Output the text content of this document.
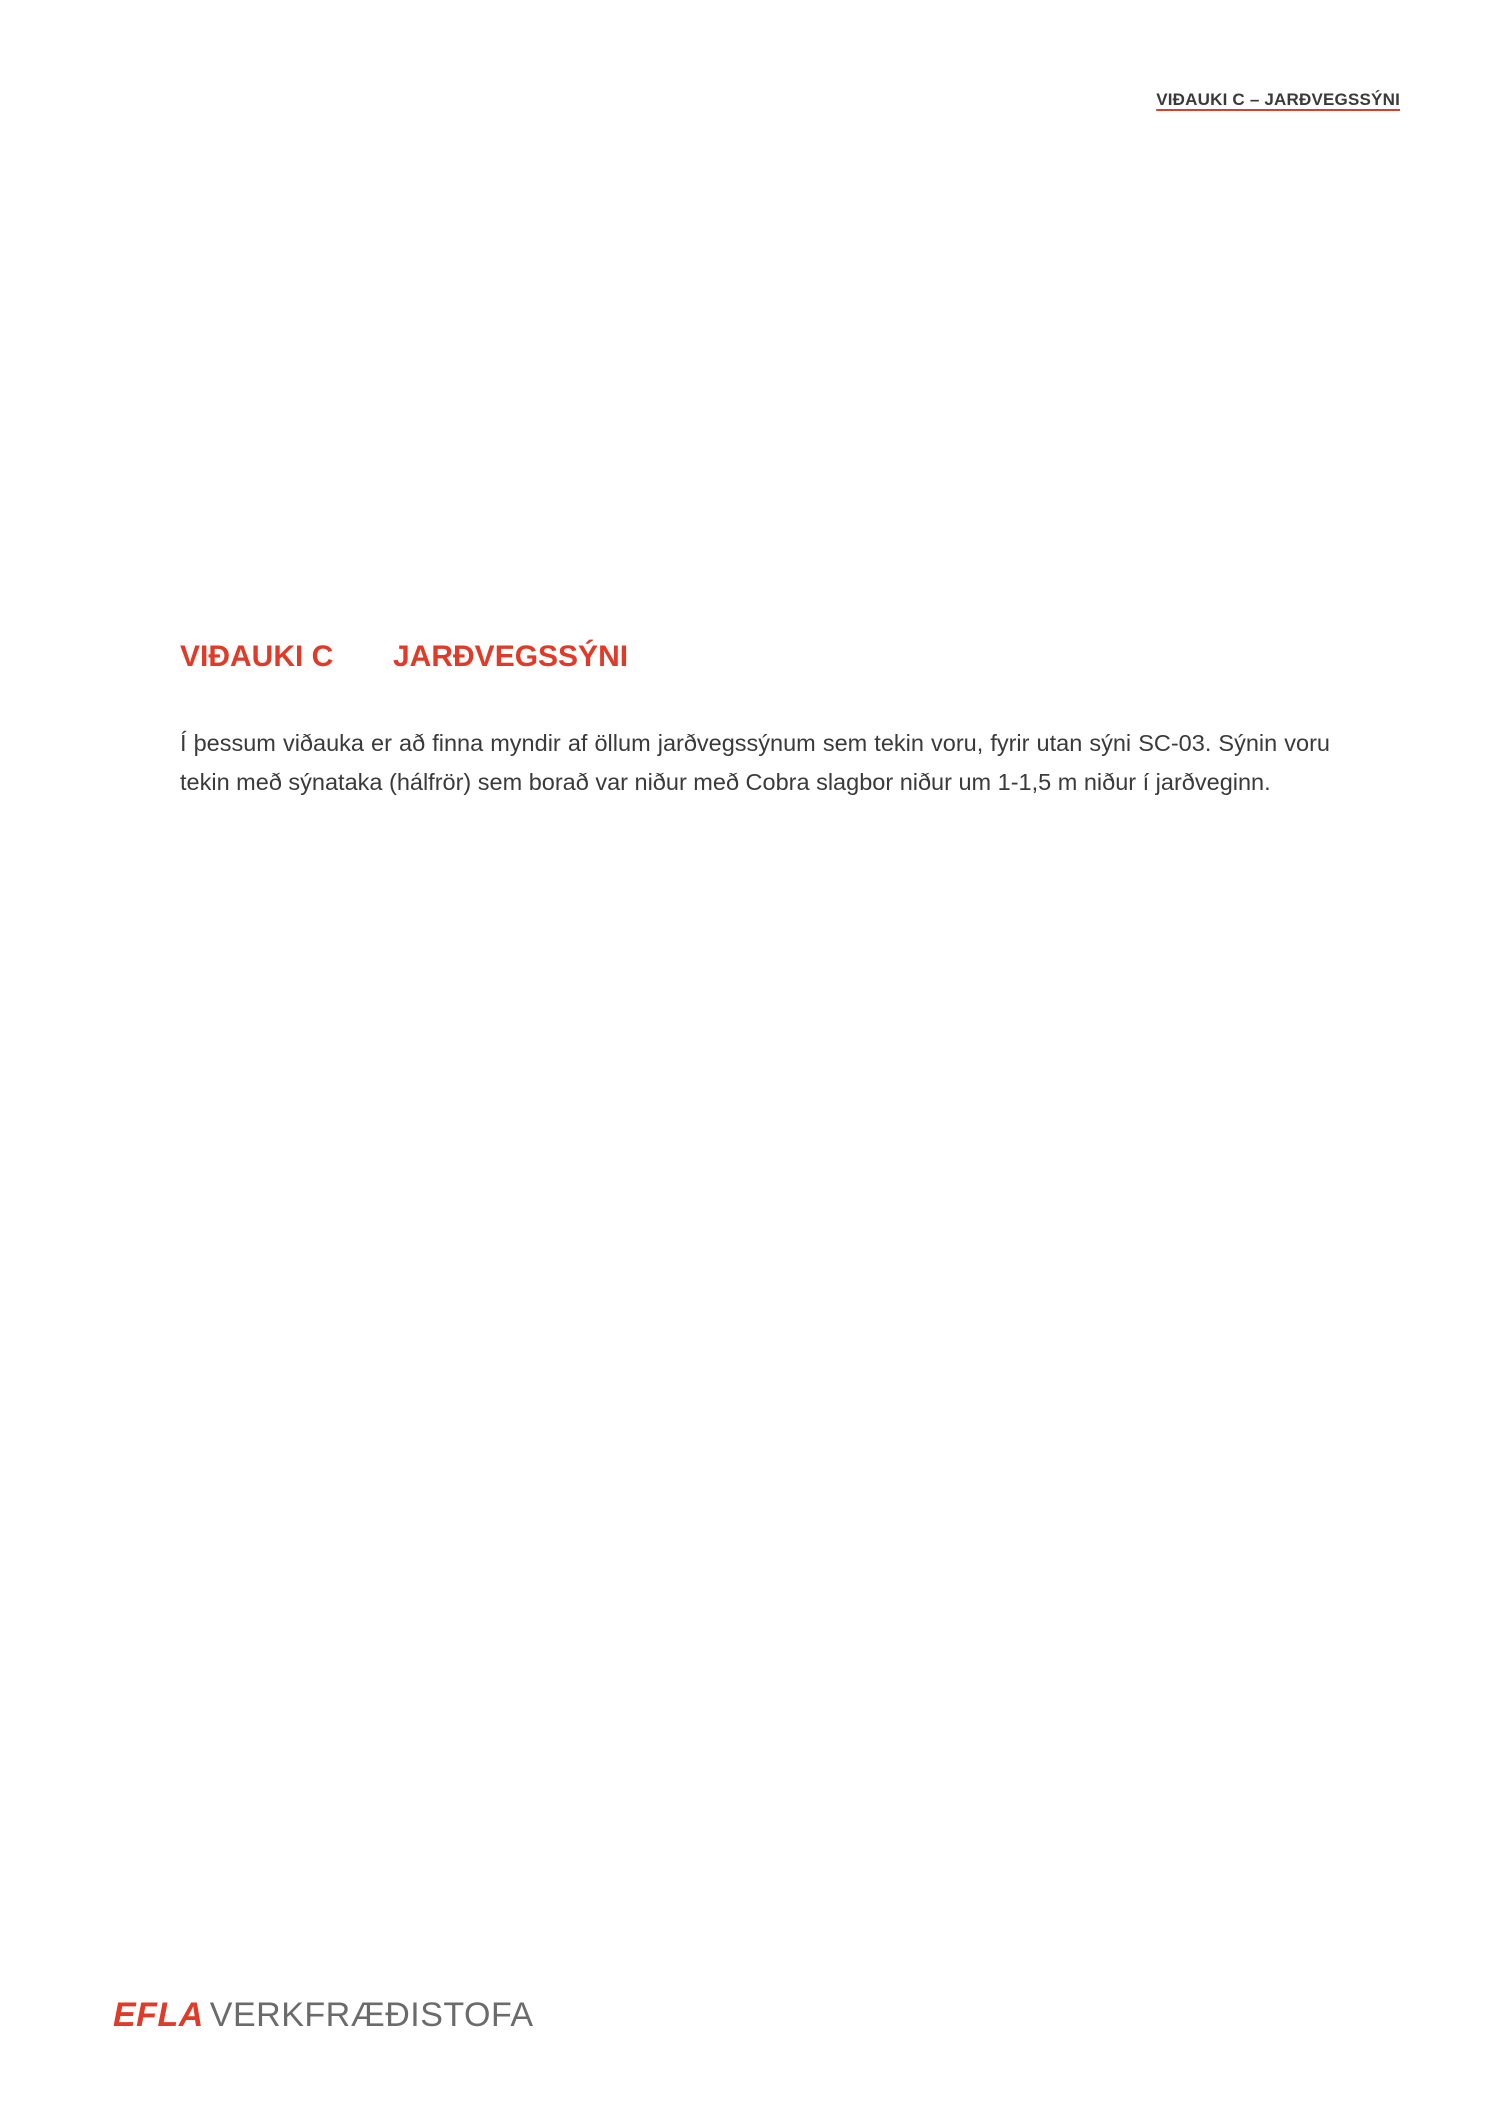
VIÐAUKI C – JARÐVEGSSÝNI
VIÐAUKI C JARÐVEGSSÝNI

Í þessum viðauka er að finna myndir af öllum jarðvegssýnum sem tekin voru, fyrir utan sýni SC-03. Sýnin voru tekin með sýnataka (hálfrör) sem borað var niður með Cobra slagbor niður um 1-1,5 m niður í jarðveginn.

EFLA VERKFRÆÐISTOFA
